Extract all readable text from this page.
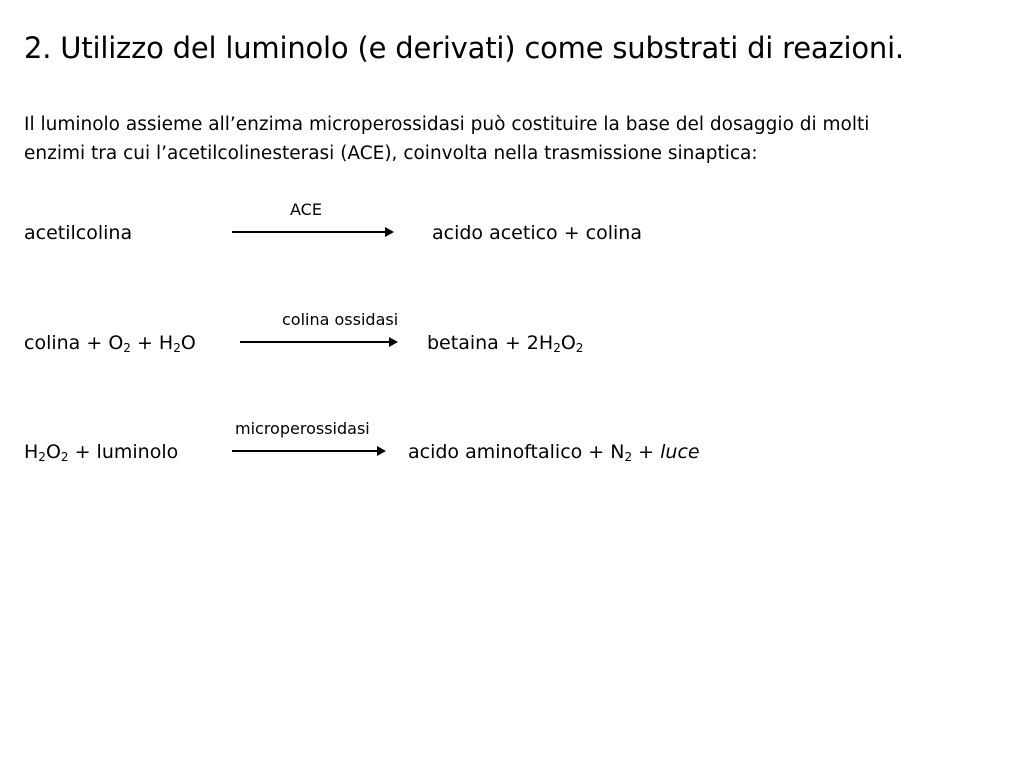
2. Utilizzo del luminolo (e derivati) come substrati di reazioni.
Il luminolo assieme all’enzima microperossidasi può costituire la base del dosaggio di molti
enzimi tra cui l’acetilcolinesterasi (ACE), coinvolta nella trasmissione sinaptica:
ACE
acetilcolina	acido acetico + colina
colina ossidasi
colina + $O_2 + H_2O$	betaina + $2H_2O_2$
microperossidasi
$H_2O_2$ + luminolo	acido aminoftalico + $N_2$ + luce
